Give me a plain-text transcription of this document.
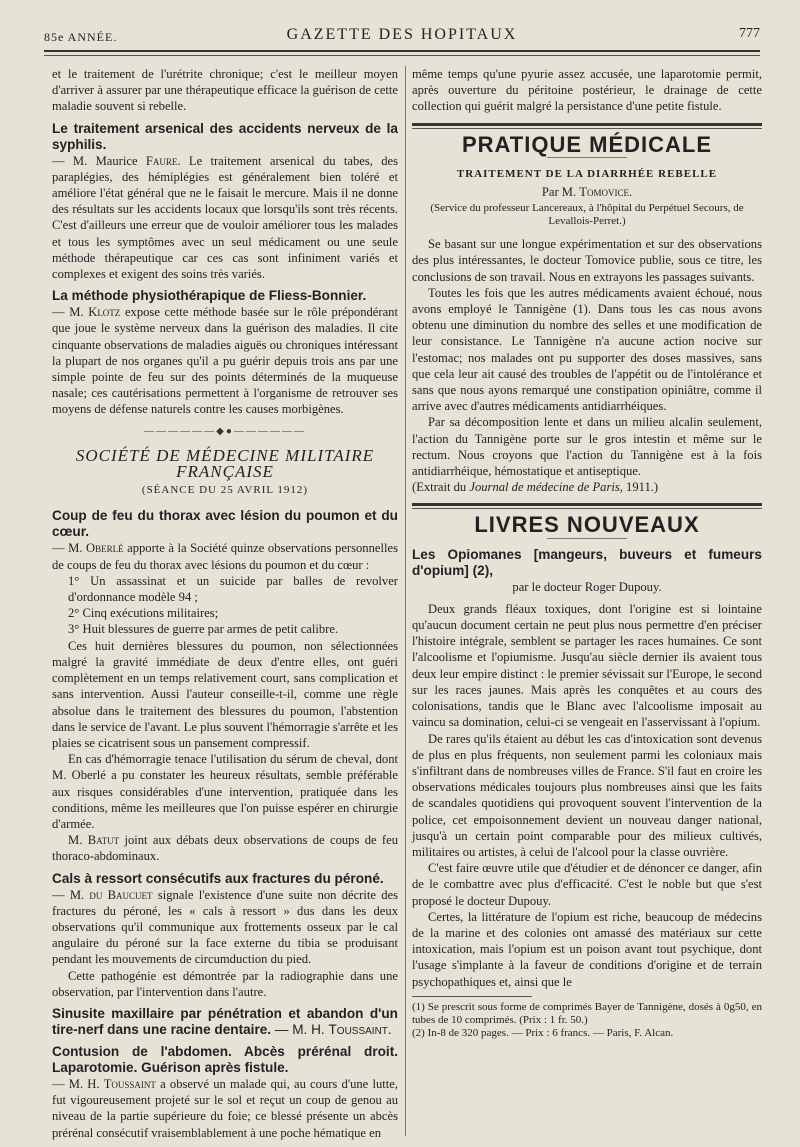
85e ANNÉE.	GAZETTE DES HOPITAUX	777

et le traitement de l'urétrite chronique; c'est le meilleur moyen d'arriver à assurer par une thérapeutique efficace la guérison de cette maladie souvent si rebelle.

Le traitement arsenical des accidents nerveux de la syphilis.

— M. Maurice Faure. Le traitement arsenical du tabes, des paraplégies, des hémiplégies est généralement bien toléré et améliore l'état général que ne le faisait le mercure. Mais il ne donne des résultats sur les accidents locaux que lorsqu'ils sont très récents. C'est d'ailleurs une erreur que de vouloir améliorer tous les malades et tous les symptômes avec un seul médicament ou une seule méthode thérapeutique car ces cas sont infiniment variés et complexes et exigent des soins très variés.

La méthode physiothérapique de Fliess-Bonnier.

— M. Klotz expose cette méthode basée sur le rôle prépondérant que joue le système nerveux dans la guérison des maladies. Il cite cinquante observations de maladies aiguës ou chroniques intéressant la plupart de nos organes qu'il a pu guérir depuis trois ans par une simple pointe de feu sur des points déterminés de la muqueuse nasale; ces cautérisations permettent à l'organisme de retrouver ses moyens de défense naturels contre les causes morbigènes.

——————◆●——————
SOCIÉTÉ DE MÉDECINE MILITAIRE FRANÇAISE
(SÉANCE DU 25 AVRIL 1912)
Coup de feu du thorax avec lésion du poumon et du cœur.

— M. Oberlé apporte à la Société quinze observations personnelles de coups de feu du thorax avec lésions du poumon et du cœur :

1° Un assassinat et un suicide par balles de revolver d'ordonnance modèle 94 ;

2° Cinq exécutions militaires;

3° Huit blessures de guerre par armes de petit calibre.

Ces huit dernières blessures du poumon, non sélectionnées malgré la gravité immédiate de deux d'entre elles, ont guéri complètement en un temps relativement court, sans complication et sans intervention. Aussi l'auteur conseille-t-il, comme une règle absolue dans le traitement des blessures du poumon, l'abstention dans le service de l'avant. Le plus souvent l'hémorragie s'arrête et les plaies se cicatrisent sous un pansement compressif.

En cas d'hémorragie tenace l'utilisation du sérum de cheval, dont M. Oberlé a pu constater les heureux résultats, semble préférable aux risques considérables d'une intervention, pratiquée dans les conditions, même les meilleures que l'on puisse espérer en chirurgie d'armée.

M. Batut joint aux débats deux observations de coups de feu thoraco-abdominaux.

Cals à ressort consécutifs aux fractures du péroné.

— M. du Baucuet signale l'existence d'une suite non décrite des fractures du péroné, les « cals à ressort » dus dans les deux observations qu'il communique aux frottements osseux par le cal angulaire du péroné sur la face externe du tibia se produisant pendant les mouvements de circumduction du pied.

Cette pathogénie est démontrée par la radiographie dans une observation, par l'intervention dans l'autre.

Sinusite maxillaire par pénétration et abandon d'un tire-nerf dans une racine dentaire. — M. H. Toussaint.
Contusion de l'abdomen. Abcès prérénal droit. Laparotomie. Guérison après fistule.

— M. H. Toussaint a observé un malade qui, au cours d'une lutte, fut vigoureusement projeté sur le sol et reçut un coup de genou au niveau de la partie supérieure du foie; ce blessé présente un abcès prérénal consécutif vraisemblablement à une poche hématique en

même temps qu'une pyurie assez accusée, une laparotomie permit, après ouverture du péritoine postérieur, le drainage de cette collection qui guérit malgré la persistance d'une petite fistule.

PRATIQUE MÉDICALE
TRAITEMENT DE LA DIARRHÉE REBELLE
Par M. Tomovice.
(Service du professeur Lancereaux, à l'hôpital du Perpétuel Secours, de Levallois-Perret.)

Se basant sur une longue expérimentation et sur des observations des plus intéressantes, le docteur Tomovice publie, sous ce titre, les conclusions de son travail. Nous en extrayons les passages suivants.

Toutes les fois que les autres médicaments avaient échoué, nous avons employé le Tannigène (1). Dans tous les cas nous avons obtenu une diminution du nombre des selles et une modification de leur consistance. Le Tannigène n'a aucune action nocive sur l'estomac; nos malades ont pu supporter des doses massives, sans que cela leur ait causé des troubles de l'appétit ou de l'intolérance et sans que nous ayons remarqué une constipation opiniâtre, comme il arrive avec d'autres médicaments antidiarrhéiques.

Par sa décomposition lente et dans un milieu alcalin seulement, l'action du Tannigène porte sur le gros intestin et même sur le rectum. Nous croyons que l'action du Tannigène est à la fois antidiarrhéique, hémostatique et antiseptique.

(Extrait du Journal de médecine de Paris, 1911.)

LIVRES NOUVEAUX
Les Opiomanes [mangeurs, buveurs et fumeurs d'opium] (2),
par le docteur Roger Dupouy.

Deux grands fléaux toxiques, dont l'origine est si lointaine qu'aucun document certain ne peut plus nous permettre d'en préciser l'histoire intégrale, semblent se partager les races humaines. Ce sont l'alcoolisme et l'opiumisme. Jusqu'au siècle dernier ils avaient tous deux leur empire distinct : le premier sévissait sur l'Europe, le second sur les races jaunes. Mais après les conquêtes et au cours des colonisations, tandis que le Blanc avec l'alcoolisme imposait au vaincu sa domination, celui-ci se vengeait en l'asservissant à l'opium.

De rares qu'ils étaient au début les cas d'intoxication sont devenus de plus en plus fréquents, non seulement parmi les coloniaux mais s'infiltrant dans de nombreuses villes de France. S'il faut en croire les observations médicales toujours plus nombreuses ainsi que les faits de scandales quotidiens qui provoquent souvent l'intervention de la police, cet empoisonnement devient un nouveau danger national, jusqu'à un certain point comparable pour des milieux cultivés, militaires ou artistes, à celui de l'alcool pour la classe ouvrière.

C'est faire œuvre utile que d'étudier et de dénoncer ce danger, afin de le combattre avec plus d'efficacité. C'est le noble but que s'est proposé le docteur Dupouy.

Certes, la littérature de l'opium est riche, beaucoup de médecins de la marine et des colonies ont amassé des matériaux sur cette intoxication, mais l'opium est un poison avant tout psychique, dont l'usage s'implante à la faveur de conditions d'origine et de terrain psychopathiques et, ainsi que le

(1) Se prescrit sous forme de comprimés Bayer de Tannigène, dosés à 0g50, en tubes de 10 comprimés. (Prix : 1 fr. 50.)

(2) In-8 de 320 pages. — Prix : 6 francs. — Paris, F. Alcan.
